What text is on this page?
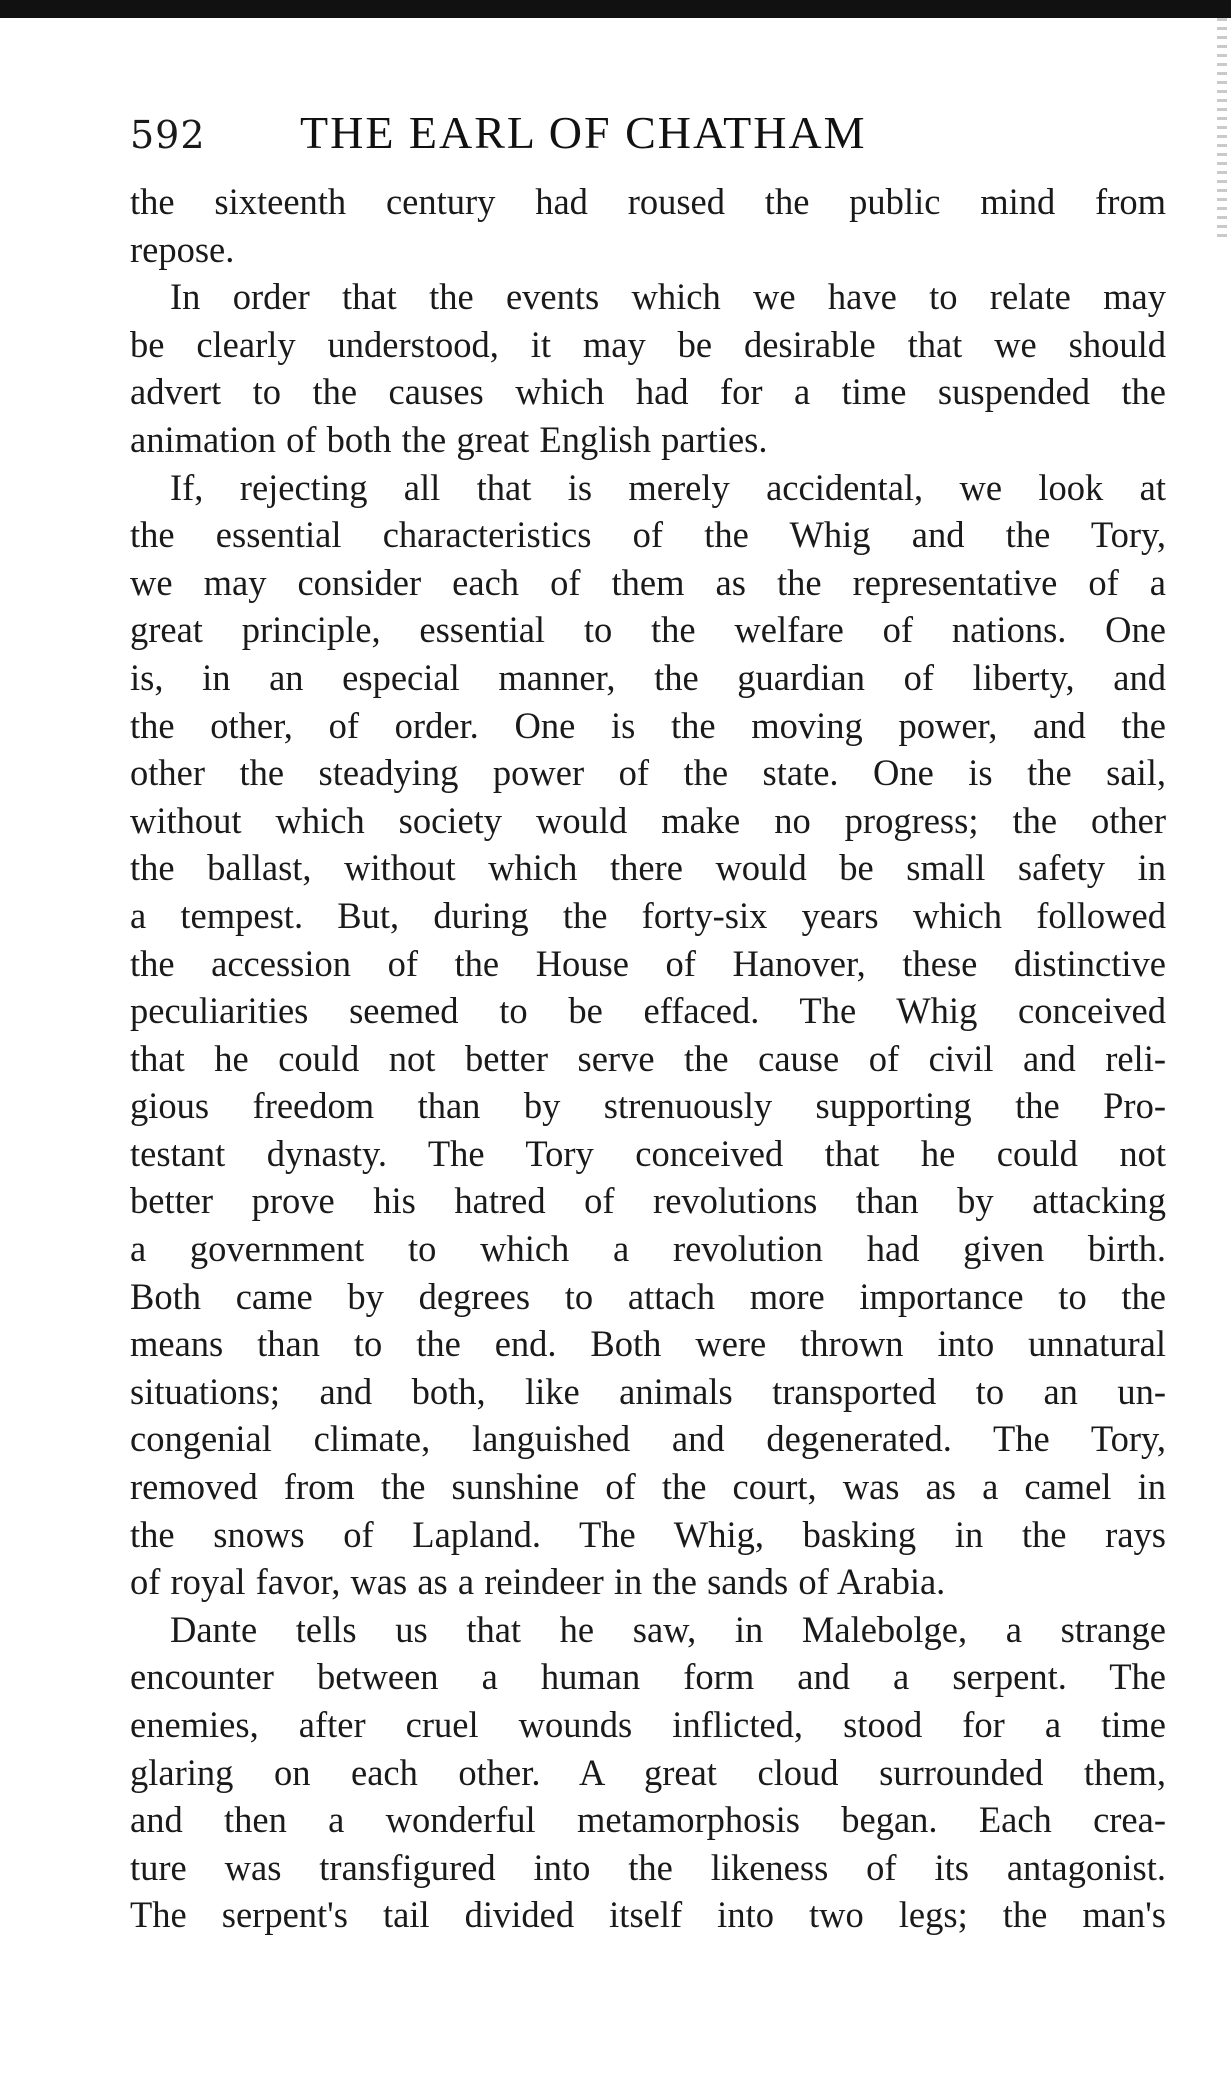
592	THE EARL OF CHATHAM
the sixteenth century had roused the public mind from
repose.
In order that the events which we have to relate may
be clearly understood, it may be desirable that we should
advert to the causes which had for a time suspended the
animation of both the great English parties.
If, rejecting all that is merely accidental, we look at
the essential characteristics of the Whig and the Tory,
we may consider each of them as the representative of a
great principle, essential to the welfare of nations. One
is, in an especial manner, the guardian of liberty, and
the other, of order. One is the moving power, and the
other the steadying power of the state. One is the sail,
without which society would make no progress; the other
the ballast, without which there would be small safety in
a tempest. But, during the forty-six years which followed
the accession of the House of Hanover, these distinctive
peculiarities seemed to be effaced. The Whig conceived
that he could not better serve the cause of civil and reli-
gious freedom than by strenuously supporting the Pro-
testant dynasty. The Tory conceived that he could not
better prove his hatred of revolutions than by attacking
a government to which a revolution had given birth.
Both came by degrees to attach more importance to the
means than to the end. Both were thrown into unnatural
situations; and both, like animals transported to an un-
congenial climate, languished and degenerated. The Tory,
removed from the sunshine of the court, was as a camel in
the snows of Lapland. The Whig, basking in the rays
of royal favor, was as a reindeer in the sands of Arabia.
Dante tells us that he saw, in Malebolge, a strange
encounter between a human form and a serpent. The
enemies, after cruel wounds inflicted, stood for a time
glaring on each other. A great cloud surrounded them,
and then a wonderful metamorphosis began. Each crea-
ture was transfigured into the likeness of its antagonist.
The serpent's tail divided itself into two legs; the man's
